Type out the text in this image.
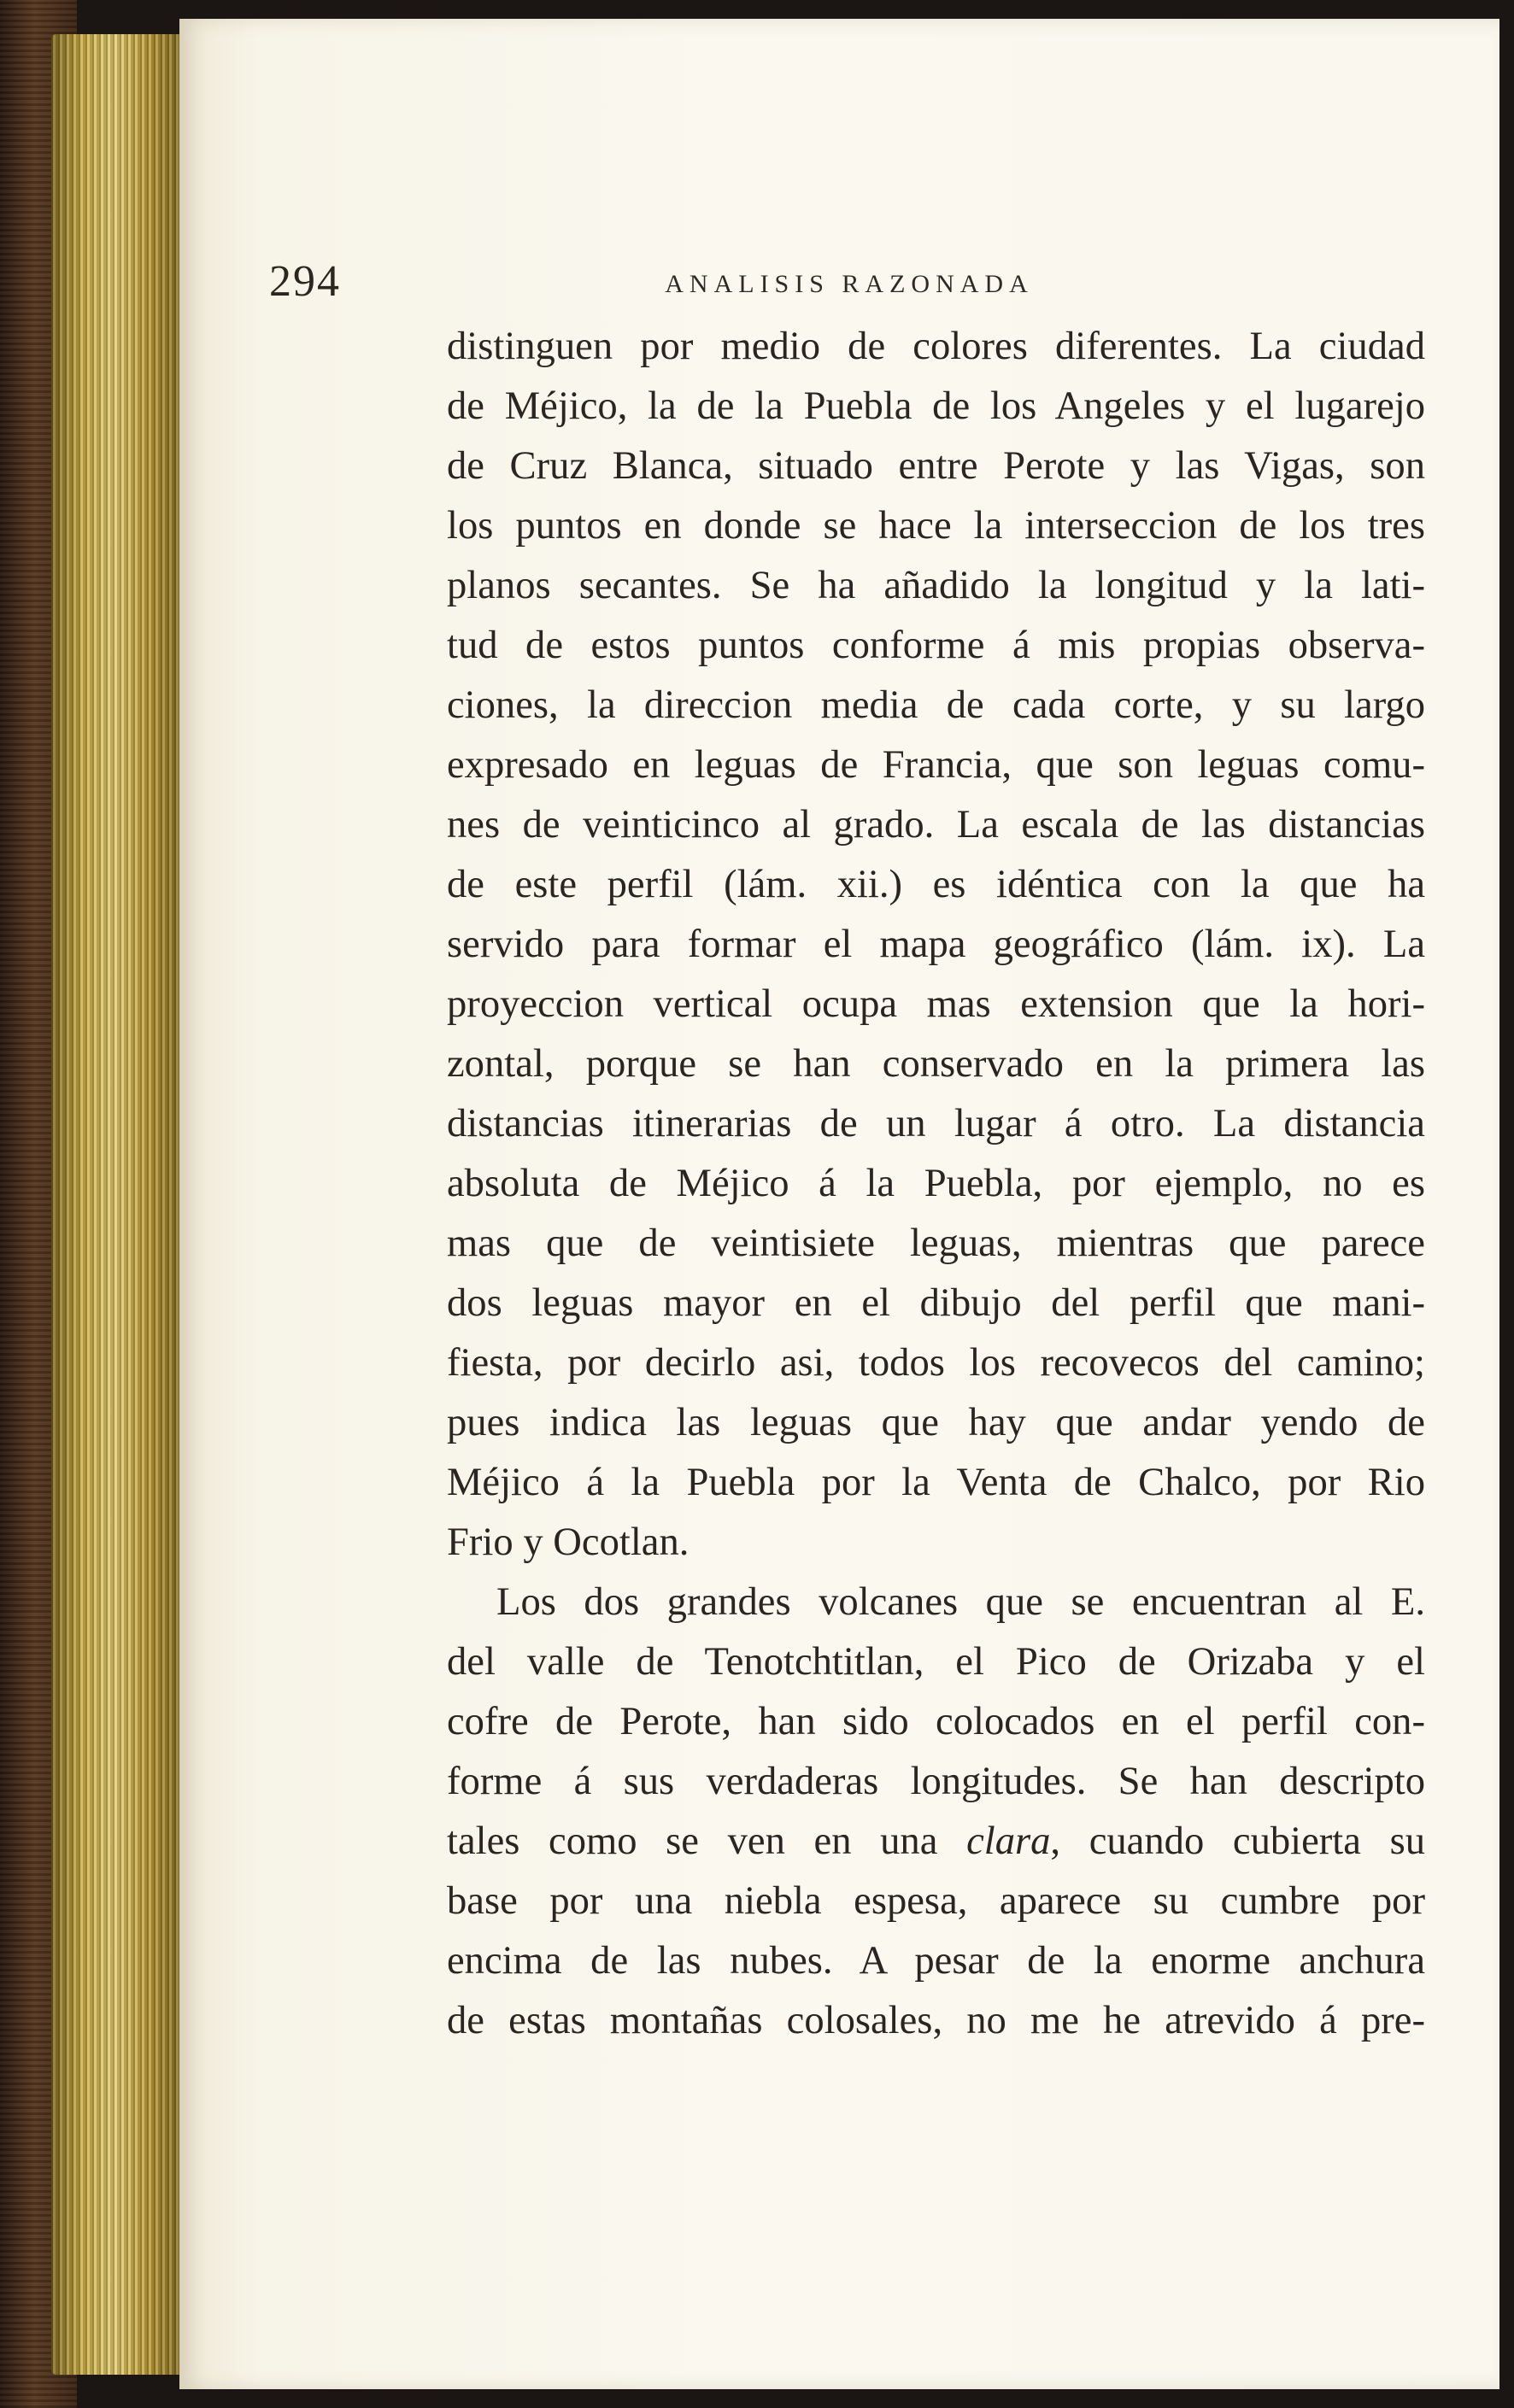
294	ANALISIS RAZONADA
distinguen por medio de colores diferentes. La ciudad
de Méjico, la de la Puebla de los Angeles y el lugarejo
de Cruz Blanca, situado entre Perote y las Vigas, son
los puntos en donde se hace la interseccion de los tres
planos secantes. Se ha añadido la longitud y la lati-
tud de estos puntos conforme á mis propias observa-
ciones, la direccion media de cada corte, y su largo
expresado en leguas de Francia, que son leguas comu-
nes de veinticinco al grado. La escala de las distancias
de este perfil (lám. xii.) es idéntica con la que ha
servido para formar el mapa geográfico (lám. ix). La
proyeccion vertical ocupa mas extension que la hori-
zontal, porque se han conservado en la primera las
distancias itinerarias de un lugar á otro. La distancia
absoluta de Méjico á la Puebla, por ejemplo, no es
mas que de veintisiete leguas, mientras que parece
dos leguas mayor en el dibujo del perfil que mani-
fiesta, por decirlo asi, todos los recovecos del camino;
pues indica las leguas que hay que andar yendo de
Méjico á la Puebla por la Venta de Chalco, por Rio
Frio y Ocotlan.
Los dos grandes volcanes que se encuentran al E.
del valle de Tenotchtitlan, el Pico de Orizaba y el
cofre de Perote, han sido colocados en el perfil con-
forme á sus verdaderas longitudes. Se han descripto
tales como se ven en una clara, cuando cubierta su
base por una niebla espesa, aparece su cumbre por
encima de las nubes. A pesar de la enorme anchura
de estas montañas colosales, no me he atrevido á pre-
